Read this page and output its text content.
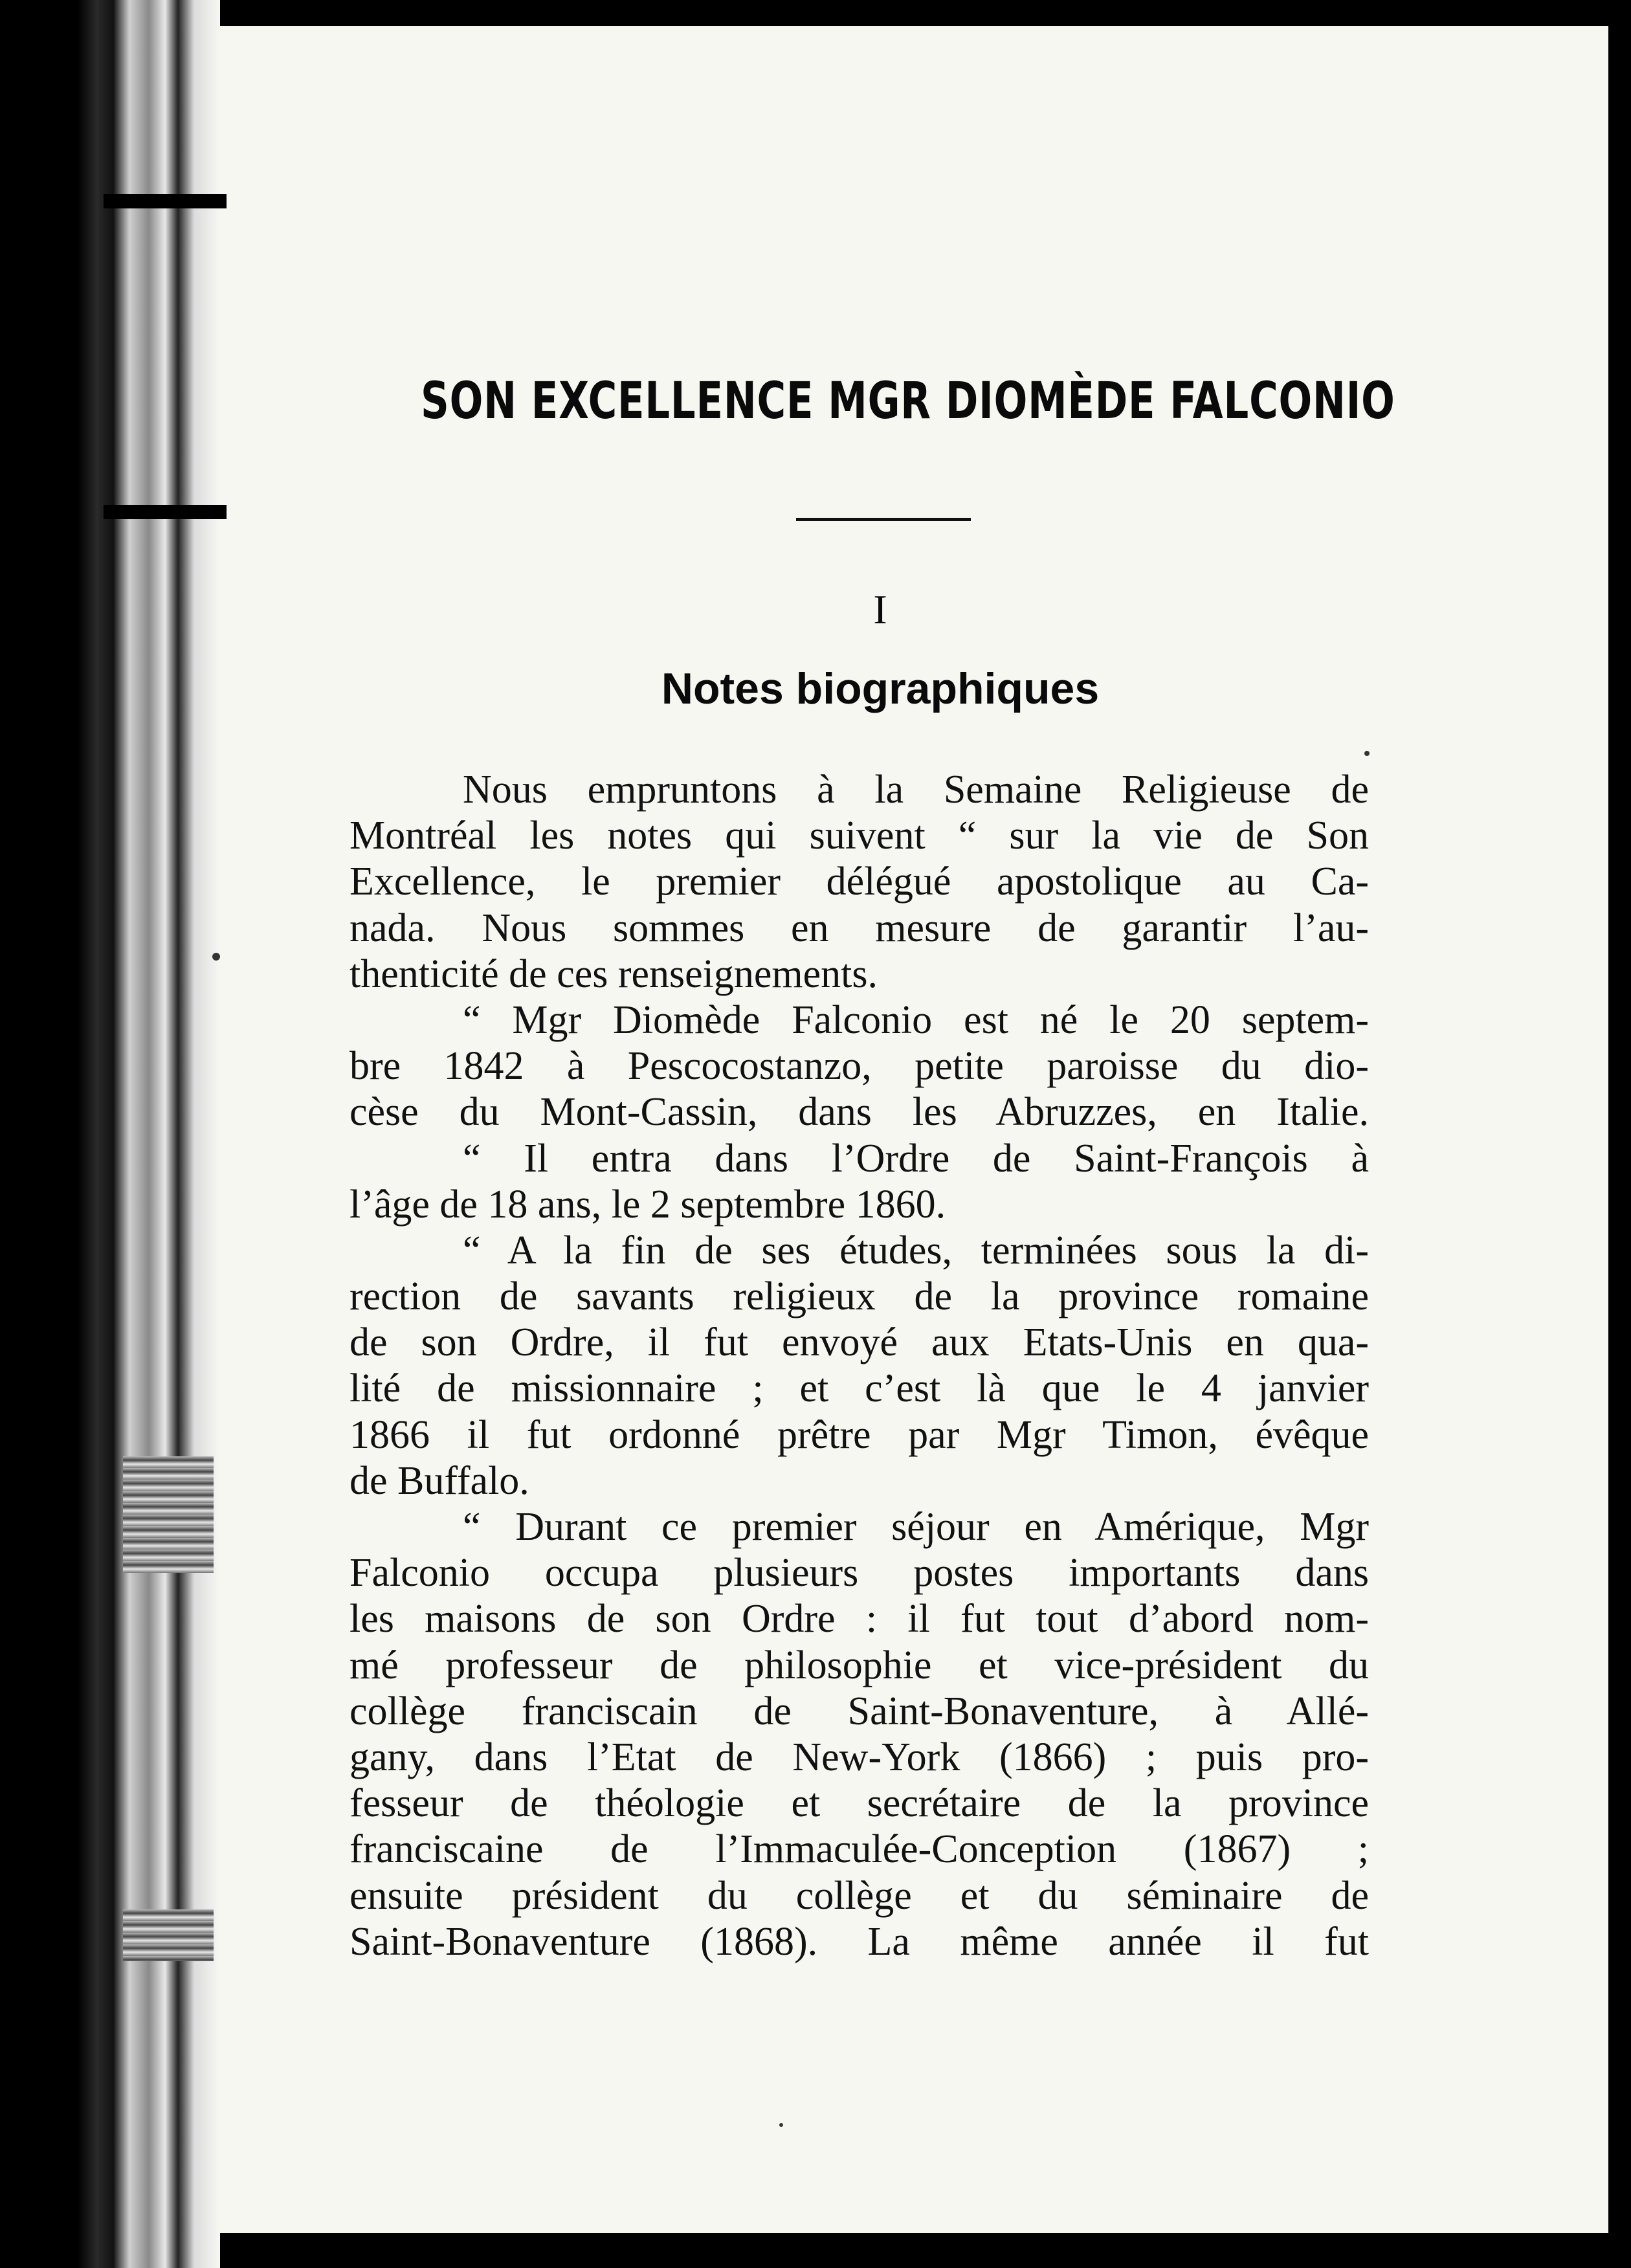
SON EXCELLENCE MGR DIOMÈDE FALCONIO
I
Notes biographiques
Nous empruntons à la Semaine Religieuse de
Montréal les notes qui suivent “ sur la vie de Son
Excellence, le premier délégué apostolique au Ca-
nada. Nous sommes en mesure de garantir l’au-
thenticité de ces renseignements.
“ Mgr Diomède Falconio est né le 20 septem-
bre 1842 à Pescocostanzo, petite paroisse du dio-
cèse du Mont-Cassin, dans les Abruzzes, en Italie.
“ Il entra dans l’Ordre de Saint-François à
l’âge de 18 ans, le 2 septembre 1860.
“ A la fin de ses études, terminées sous la di-
rection de savants religieux de la province romaine
de son Ordre, il fut envoyé aux Etats-Unis en qua-
lité de missionnaire ; et c’est là que le 4 janvier
1866 il fut ordonné prêtre par Mgr Timon, évêque
de Buffalo.
“ Durant ce premier séjour en Amérique, Mgr
Falconio occupa plusieurs postes importants dans
les maisons de son Ordre : il fut tout d’abord nom-
mé professeur de philosophie et vice-président du
collège franciscain de Saint-Bonaventure, à Allé-
gany, dans l’Etat de New-York (1866) ; puis pro-
fesseur de théologie et secrétaire de la province
franciscaine de l’Immaculée-Conception (1867) ;
ensuite président du collège et du séminaire de
Saint-Bonaventure (1868). La même année il fut
